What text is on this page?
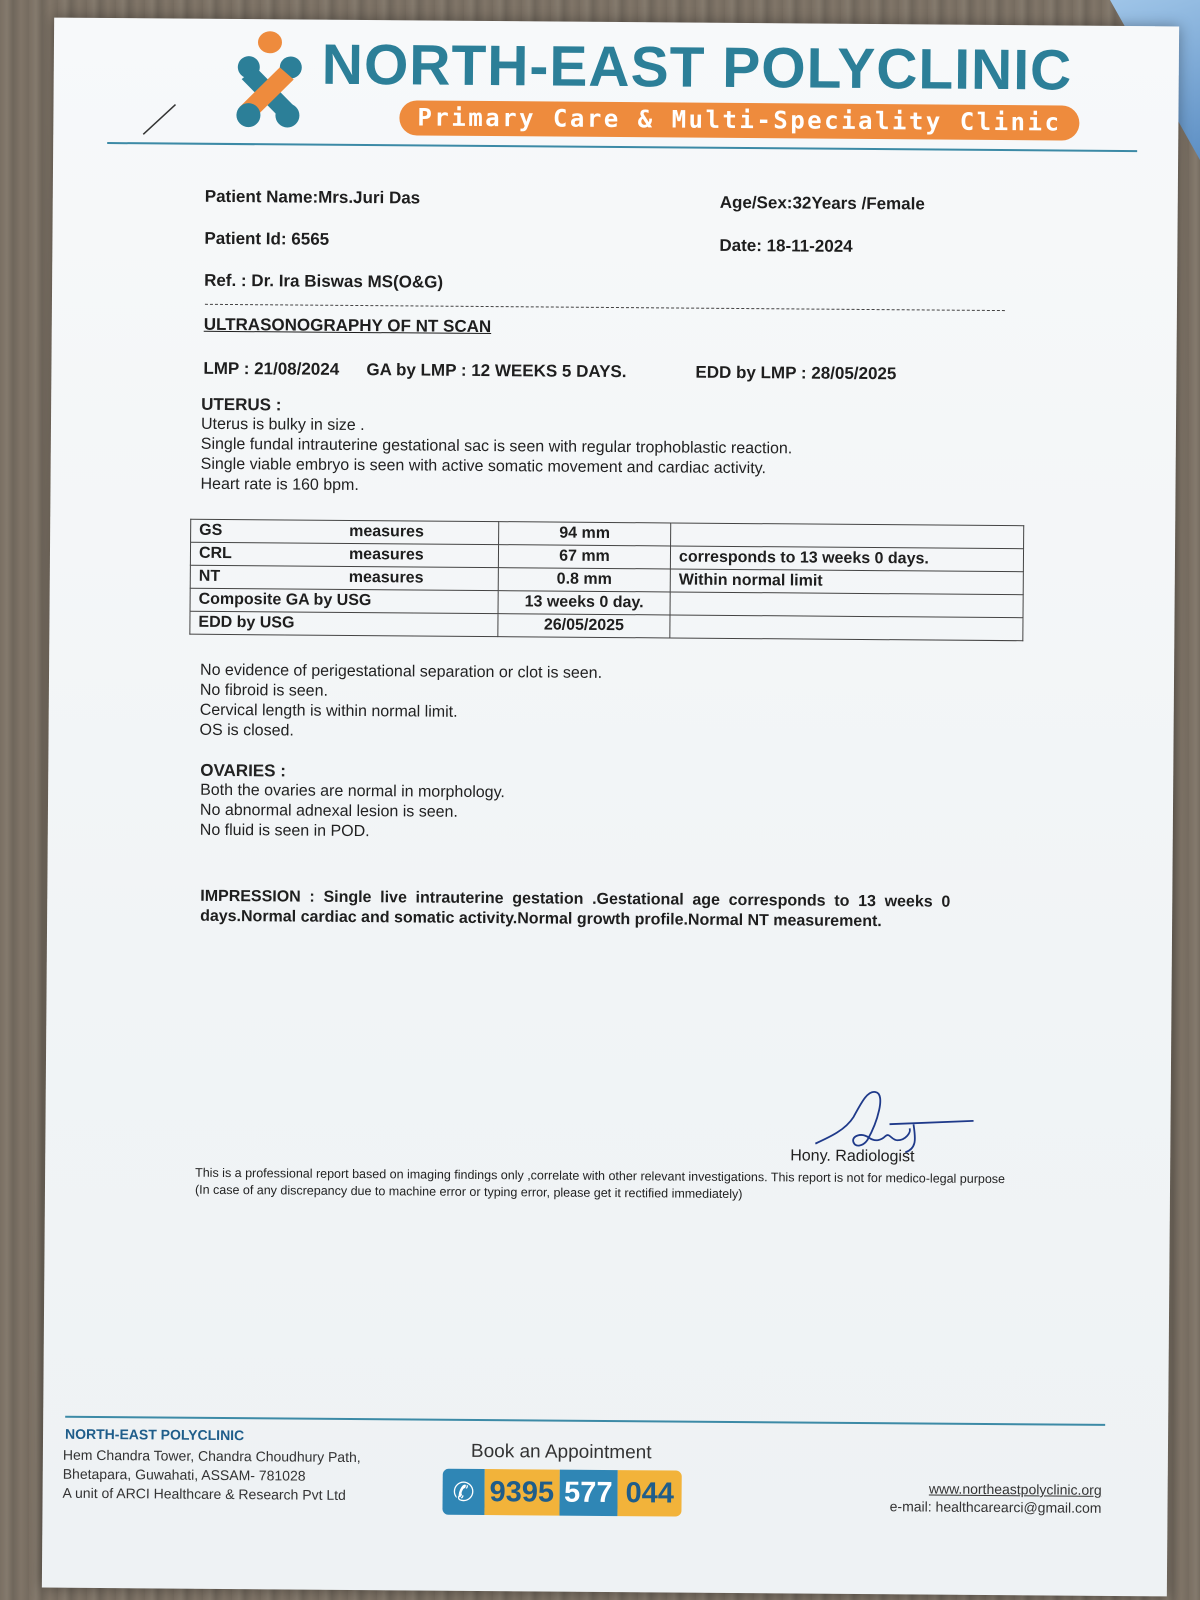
NORTH-EAST POLYCLINIC
Primary Care & Multi-Speciality Clinic
Patient Name:Mrs.Juri Das	Age/Sex:32Years /Female
Patient Id: 6565	Date: 18-11-2024
Ref. : Dr. Ira Biswas MS(O&G)
ULTRASONOGRAPHY OF NT SCAN
LMP : 21/08/2024 GA by LMP : 12 WEEKS 5 DAYS.	EDD by LMP : 28/05/2025
UTERUS :
Uterus is bulky in size .
Single fundal intrauterine gestational sac is seen with regular trophoblastic reaction.
Single viable embryo is seen with active somatic movement and cardiac activity.
Heart rate is 160 bpm.
GS measures	94 mm	
CRL measures	67 mm	corresponds to 13 weeks 0 days.
NT measures	0.8 mm	Within normal limit
Composite GA by USG	13 weeks 0 day.	
EDD by USG	26/05/2025	
No evidence of perigestational separation or clot is seen.
No fibroid is seen.
Cervical length is within normal limit.
OS is closed.
OVARIES :
Both the ovaries are normal in morphology.
No abnormal adnexal lesion is seen.
No fluid is seen in POD.
IMPRESSION : Single live intrauterine gestation .Gestational age corresponds to 13 weeks 0 days.Normal cardiac and somatic activity.Normal growth profile.Normal NT measurement.
Hony. Radiologist
This is a professional report based on imaging findings only ,correlate with other relevant investigations. This report is not for medico-legal purpose (In case of any discrepancy due to machine error or typing error, please get it rectified immediately)
NORTH-EAST POLYCLINIC
Hem Chandra Tower, Chandra Choudhury Path,
Bhetapara, Guwahati, ASSAM- 781028
A unit of ARCI Healthcare & Research Pvt Ltd
Book an Appointment
✆ 9395 577 044	www.northeastpolyclinic.org
e-mail: healthcarearci@gmail.com
